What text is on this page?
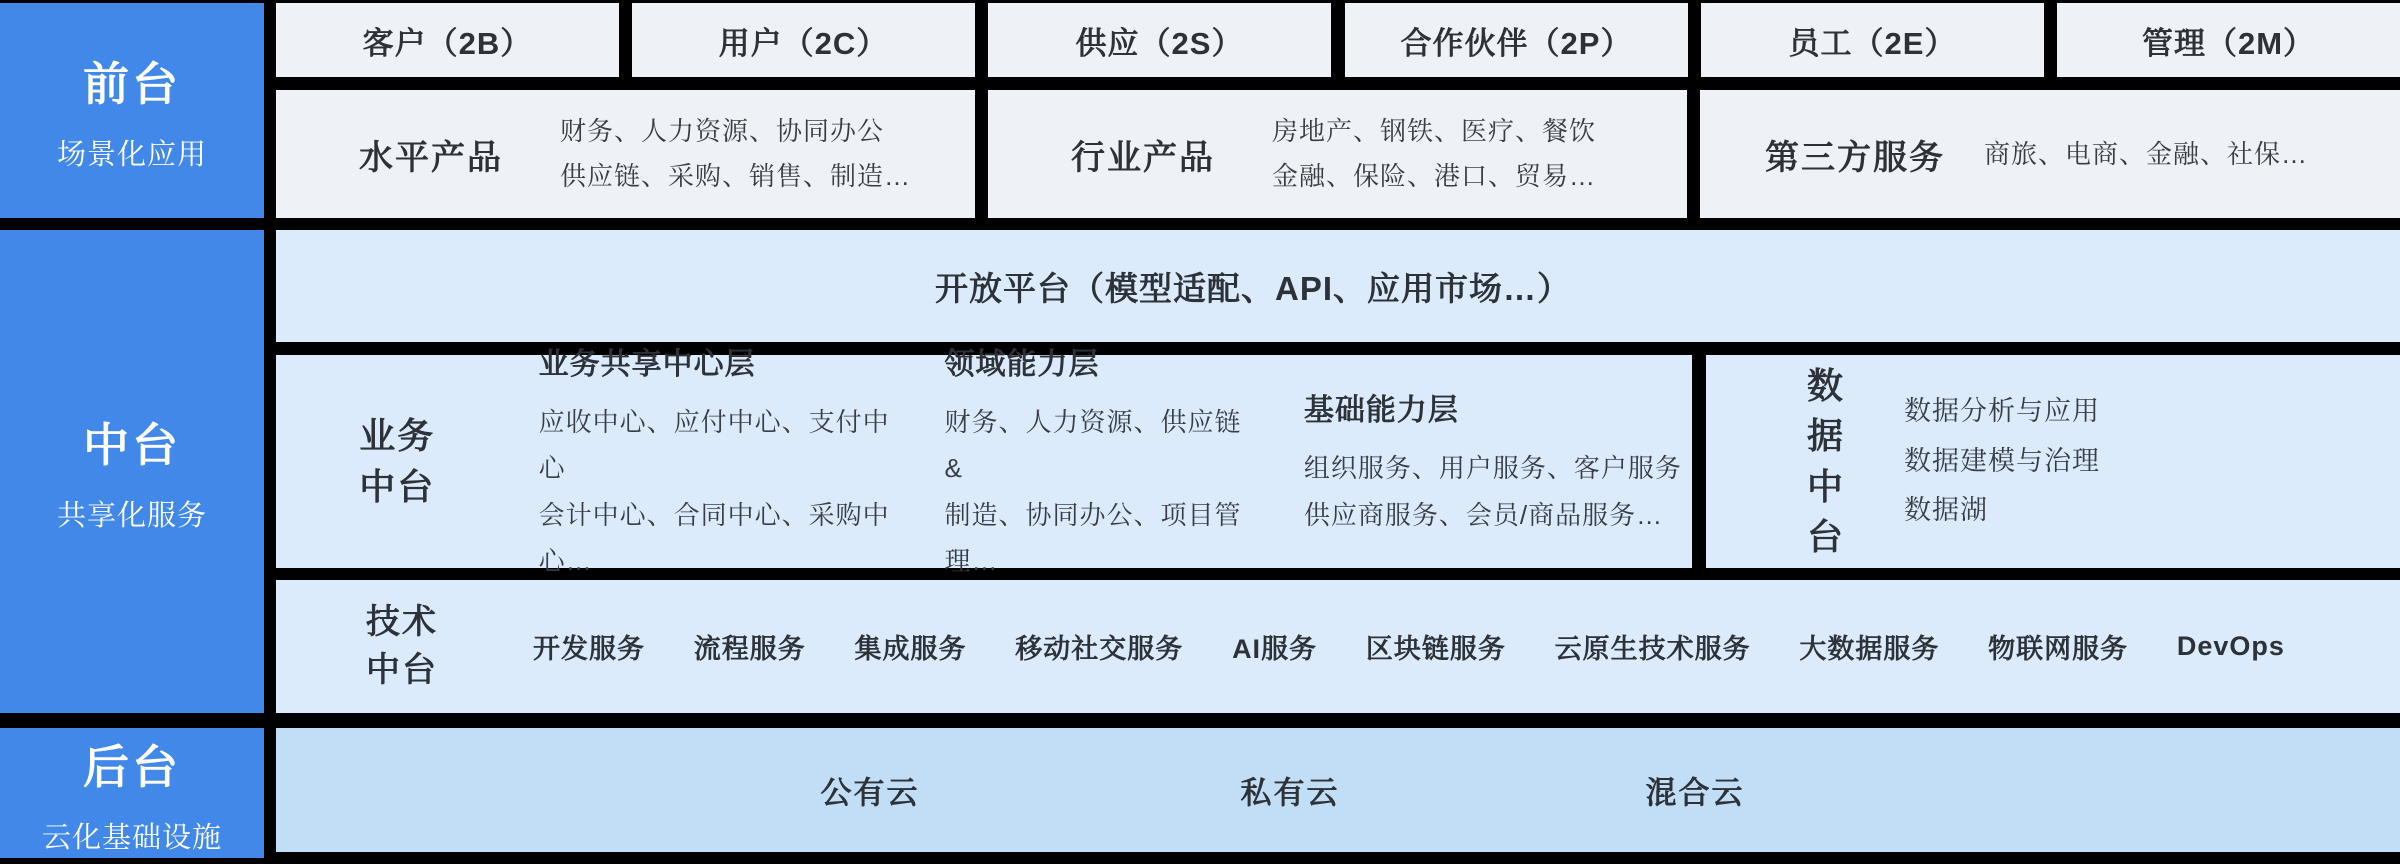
前台
场景化应用
中台
共享化服务
后台
云化基础设施
客户（2B）	用户（2C）	供应（2S）	合作伙伴（2P）	员工（2E）	管理（2M）
水平产品
财务、人力资源、协同办公
供应链、采购、销售、制造…	行业产品
房地产、钢铁、医疗、餐饮
金融、保险、港口、贸易…	第三方服务	商旅、电商、金融、社保…
开放平台（模型适配、API、应用市场…）
业务
中台
业务共享中心层
应收中心、应付中心、支付中心
会计中心、合同中心、采购中心…
领域能力层
财务、人力资源、供应链&
制造、协同办公、项目管理…
基础能力层
组织服务、用户服务、客户服务
供应商服务、会员/商品服务…
数据
中台
数据分析与应用
数据建模与治理
数据湖
技术
中台
开发服务 流程服务 集成服务 移动社交服务 AI服务 区块链服务 云原生技术服务 大数据服务 物联网服务 DevOps
公有云	私有云	混合云
